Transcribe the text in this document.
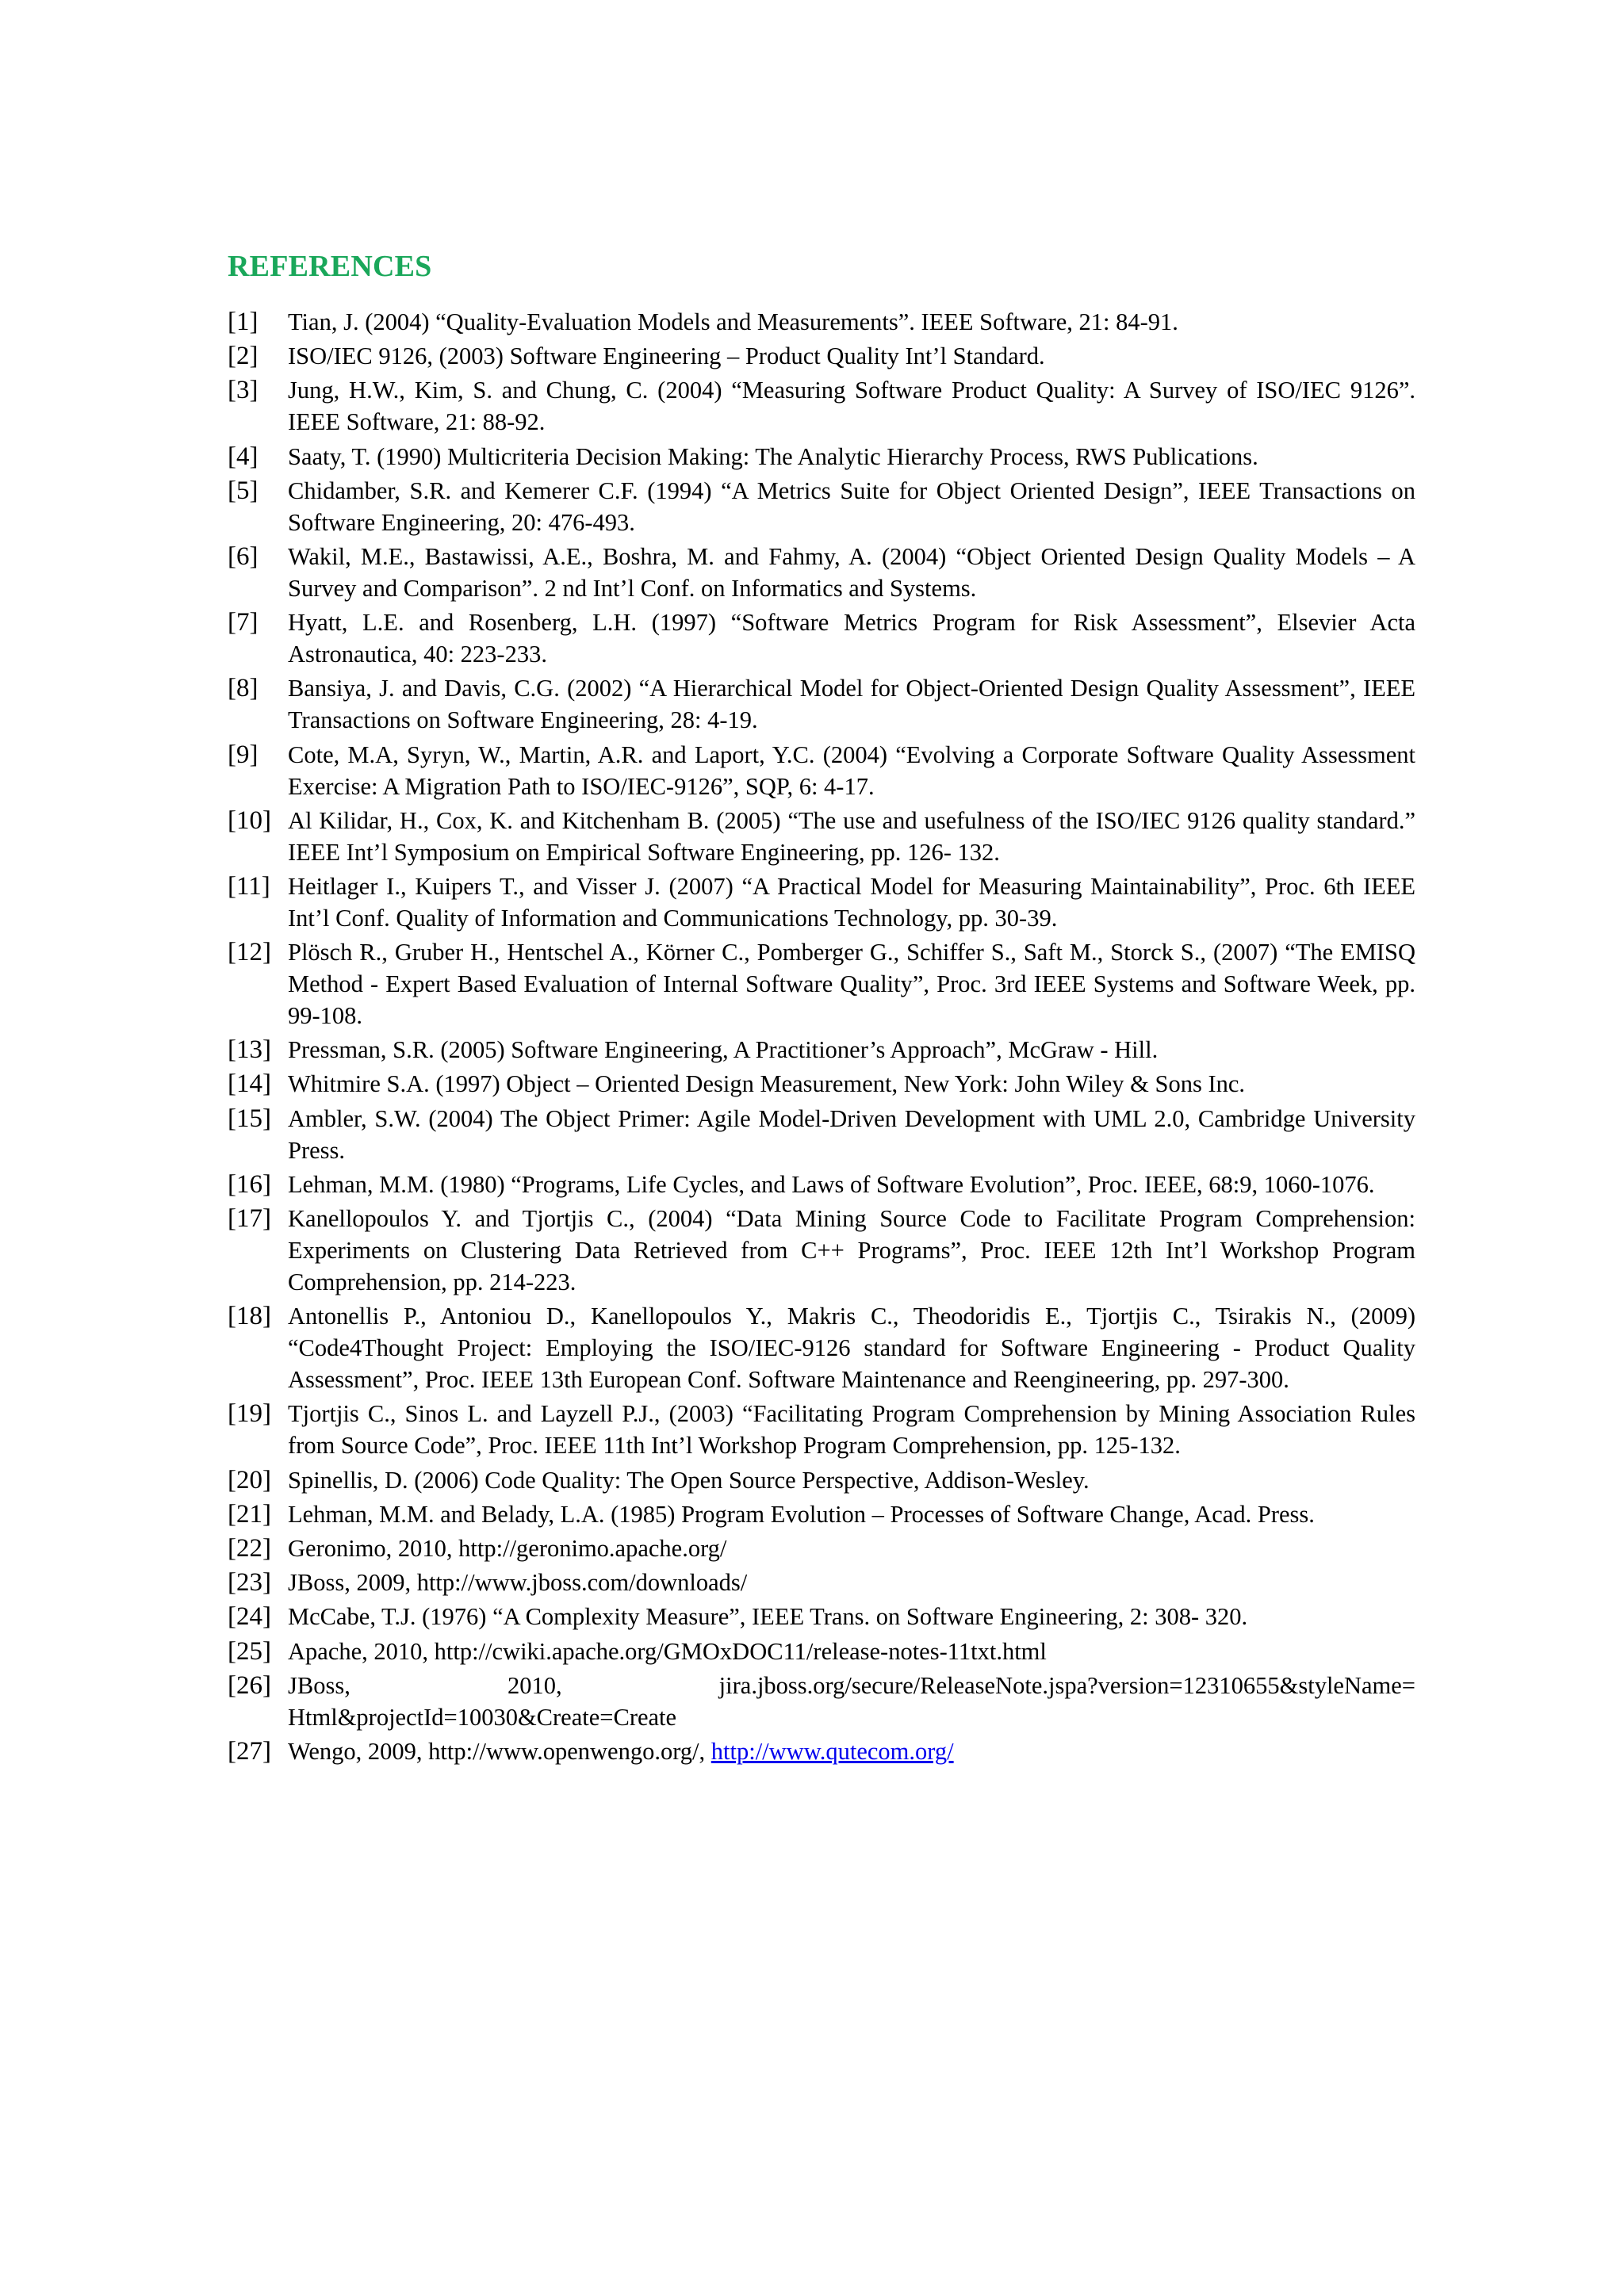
REFERENCES
[1]	Tian, J. (2004) “Quality-Evaluation Models and Measurements”. IEEE Software, 21: 84-91.
[2]	ISO/IEC 9126, (2003) Software Engineering – Product Quality Int’l Standard.
[3]	Jung, H.W., Kim, S. and Chung, C. (2004) “Measuring Software Product Quality: A Survey of ISO/IEC 9126”. IEEE Software, 21: 88-92.
[4]	Saaty, T. (1990) Multicriteria Decision Making: The Analytic Hierarchy Process, RWS Publications.
[5]	Chidamber, S.R. and Kemerer C.F. (1994) “A Metrics Suite for Object Oriented Design”, IEEE Transactions on Software Engineering, 20: 476-493.
[6]	Wakil, M.E., Bastawissi, A.E., Boshra, M. and Fahmy, A. (2004) “Object Oriented Design Quality Models – A Survey and Comparison”. 2 nd Int’l Conf. on Informatics and Systems.
[7]	Hyatt, L.E. and Rosenberg, L.H. (1997) “Software Metrics Program for Risk Assessment”, Elsevier Acta Astronautica, 40: 223-233.
[8]	Bansiya, J. and Davis, C.G. (2002) “A Hierarchical Model for Object-Oriented Design Quality Assessment”, IEEE Transactions on Software Engineering, 28: 4-19.
[9]	Cote, M.A, Syryn, W., Martin, A.R. and Laport, Y.C. (2004) “Evolving a Corporate Software Quality Assessment Exercise: A Migration Path to ISO/IEC-9126”, SQP, 6: 4-17.
[10] Al Kilidar, H., Cox, K. and Kitchenham B. (2005) “The use and usefulness of the ISO/IEC 9126 quality standard.” IEEE Int’l Symposium on Empirical Software Engineering, pp. 126- 132.
[11] Heitlager I., Kuipers T., and Visser J. (2007) “A Practical Model for Measuring Maintainability”, Proc. 6th IEEE Int’l Conf. Quality of Information and Communications Technology, pp. 30-39.
[12] Plösch R., Gruber H., Hentschel A., Körner C., Pomberger G., Schiffer S., Saft M., Storck S., (2007) “The EMISQ Method - Expert Based Evaluation of Internal Software Quality”, Proc. 3rd IEEE Systems and Software Week, pp. 99-108.
[13] Pressman, S.R. (2005) Software Engineering, A Practitioner’s Approach”, McGraw - Hill.
[14] Whitmire S.A. (1997) Object – Oriented Design Measurement, New York: John Wiley & Sons Inc.
[15] Ambler, S.W. (2004) The Object Primer: Agile Model-Driven Development with UML 2.0, Cambridge University Press.
[16] Lehman, M.M. (1980) “Programs, Life Cycles, and Laws of Software Evolution”, Proc. IEEE, 68:9, 1060-1076.
[17] Kanellopoulos Y. and Tjortjis C., (2004) “Data Mining Source Code to Facilitate Program Comprehension: Experiments on Clustering Data Retrieved from C++ Programs”, Proc. IEEE 12th Int’l Workshop Program Comprehension, pp. 214-223.
[18] Antonellis P., Antoniou D., Kanellopoulos Y., Makris C., Theodoridis E., Tjortjis C., Tsirakis N., (2009) “Code4Thought Project: Employing the ISO/IEC-9126 standard for Software Engineering - Product Quality Assessment”, Proc. IEEE 13th European Conf. Software Maintenance and Reengineering, pp. 297-300.
[19] Tjortjis C., Sinos L. and Layzell P.J., (2003) “Facilitating Program Comprehension by Mining Association Rules from Source Code”, Proc. IEEE 11th Int’l Workshop Program Comprehension, pp. 125-132.
[20] Spinellis, D. (2006) Code Quality: The Open Source Perspective, Addison-Wesley.
[21] Lehman, M.M. and Belady, L.A. (1985) Program Evolution – Processes of Software Change, Acad. Press.
[22] Geronimo, 2010, http://geronimo.apache.org/
[23] JBoss, 2009, http://www.jboss.com/downloads/
[24] McCabe, T.J. (1976) “A Complexity Measure”, IEEE Trans. on Software Engineering, 2: 308- 320.
[25] Apache, 2010, http://cwiki.apache.org/GMOxDOC11/release-notes-11txt.html
[26] JBoss, 2010, jira.jboss.org/secure/ReleaseNote.jspa?version=12310655&styleName= Html&projectId=10030&Create=Create
[27] Wengo, 2009, http://www.openwengo.org/, http://www.qutecom.org/
